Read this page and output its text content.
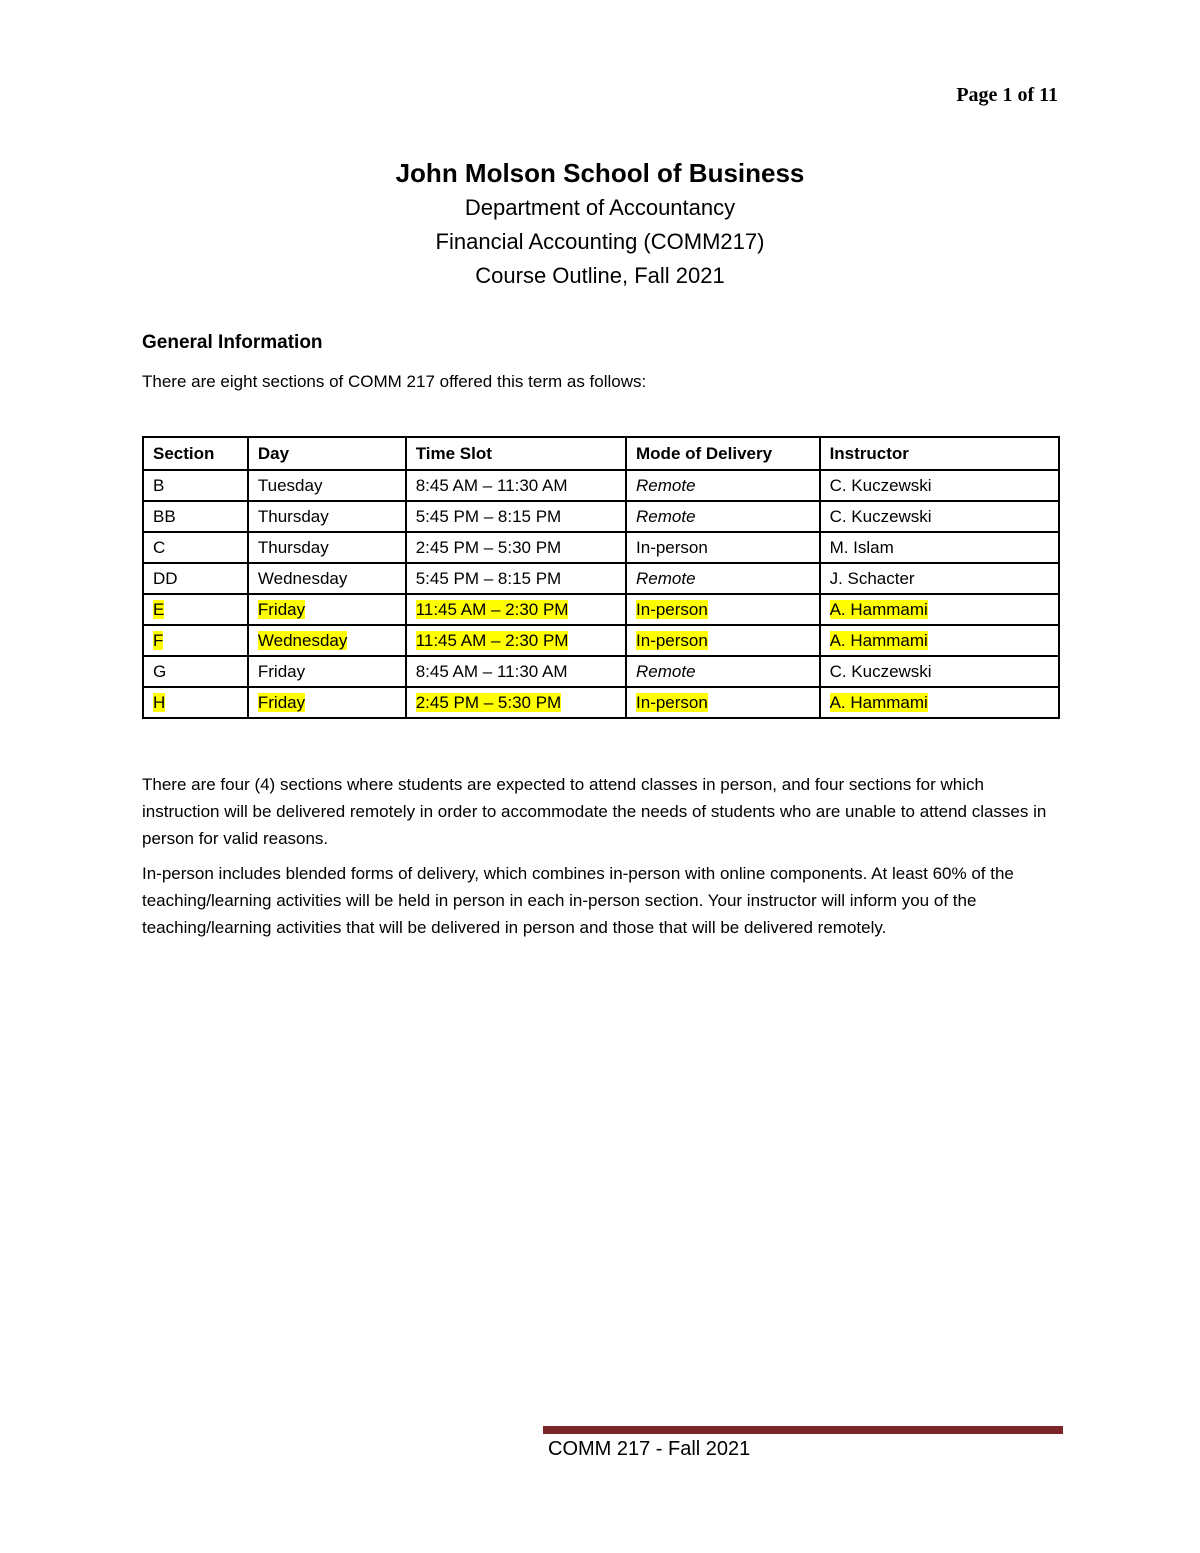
Page 1 of 11
John Molson School of Business
Department of Accountancy
Financial Accounting (COMM217)
Course Outline, Fall 2021
General Information
There are eight sections of COMM 217 offered this term as follows:
Section	Day	Time Slot	Mode of Delivery	Instructor
B	Tuesday	8:45 AM – 11:30 AM	Remote	C. Kuczewski
BB	Thursday	5:45 PM – 8:15 PM	Remote	C. Kuczewski
C	Thursday	2:45 PM – 5:30 PM	In-person	M. Islam
DD	Wednesday	5:45 PM – 8:15 PM	Remote	J. Schacter
E	Friday	11:45 AM – 2:30 PM	In-person	A. Hammami
F	Wednesday	11:45 AM – 2:30 PM	In-person	A. Hammami
G	Friday	8:45 AM – 11:30 AM	Remote	C. Kuczewski
H	Friday	2:45 PM – 5:30 PM	In-person	A. Hammami

There are four (4) sections where students are expected to attend classes in person, and four sections for which instruction will be delivered remotely in order to accommodate the needs of students who are unable to attend classes in person for valid reasons.

In-person includes blended forms of delivery, which combines in-person with online components. At least 60% of the teaching/learning activities will be held in person in each in-person section. Your instructor will inform you of the teaching/learning activities that will be delivered in person and those that will be delivered remotely.

COMM 217 - Fall 2021
